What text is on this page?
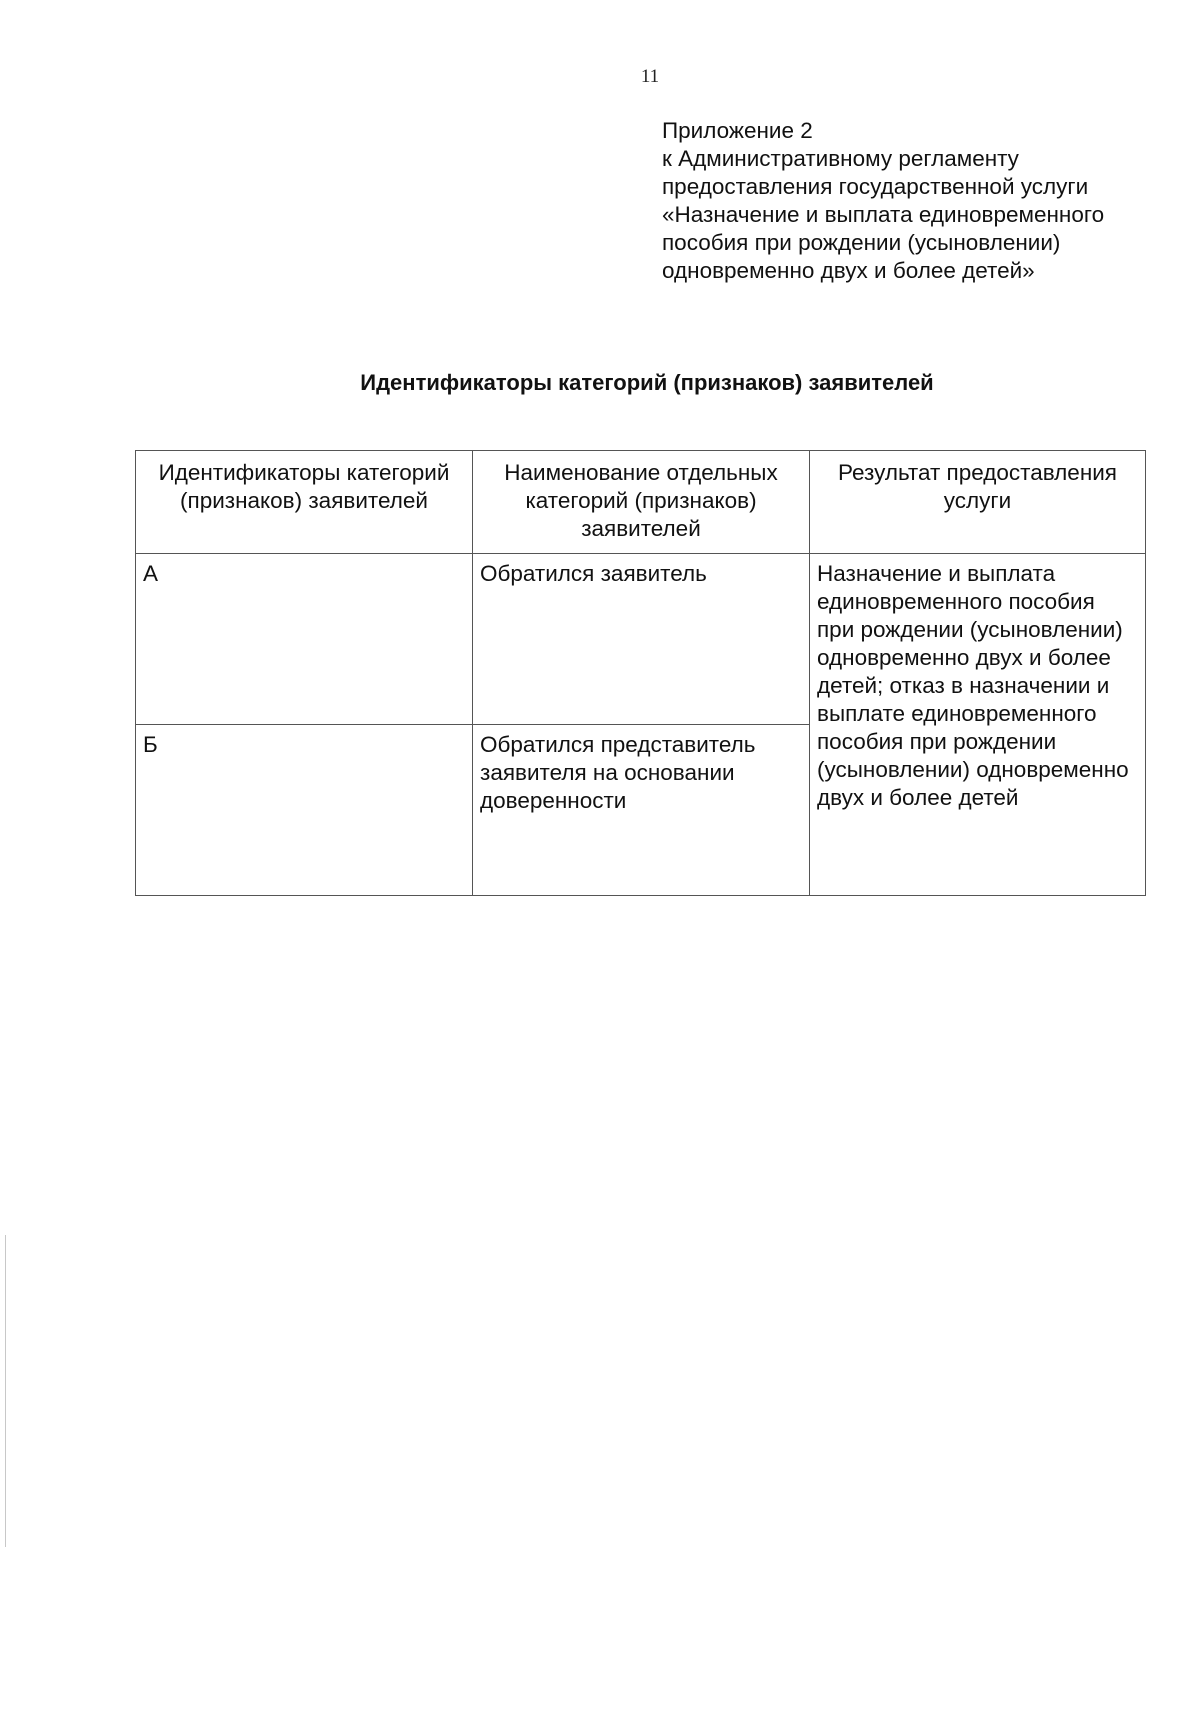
11
Приложение 2
к Административному регламенту
предоставления государственной услуги
«Назначение и выплата единовременного
пособия при рождении (усыновлении)
одновременно двух и более детей»
Идентификаторы категорий (признаков) заявителей
Идентификаторы категорий (признаков) заявителей	Наименование отдельных категорий (признаков) заявителей	Результат предоставления услуги
А	Обратился заявитель	Назначение и выплата единовременного пособия при рождении (усыновлении) одновременно двух и более детей; отказ в назначении и выплате единовременного пособия при рождении (усыновлении) одновременно двух и более детей
Б	Обратился представитель заявителя на основании доверенности	
